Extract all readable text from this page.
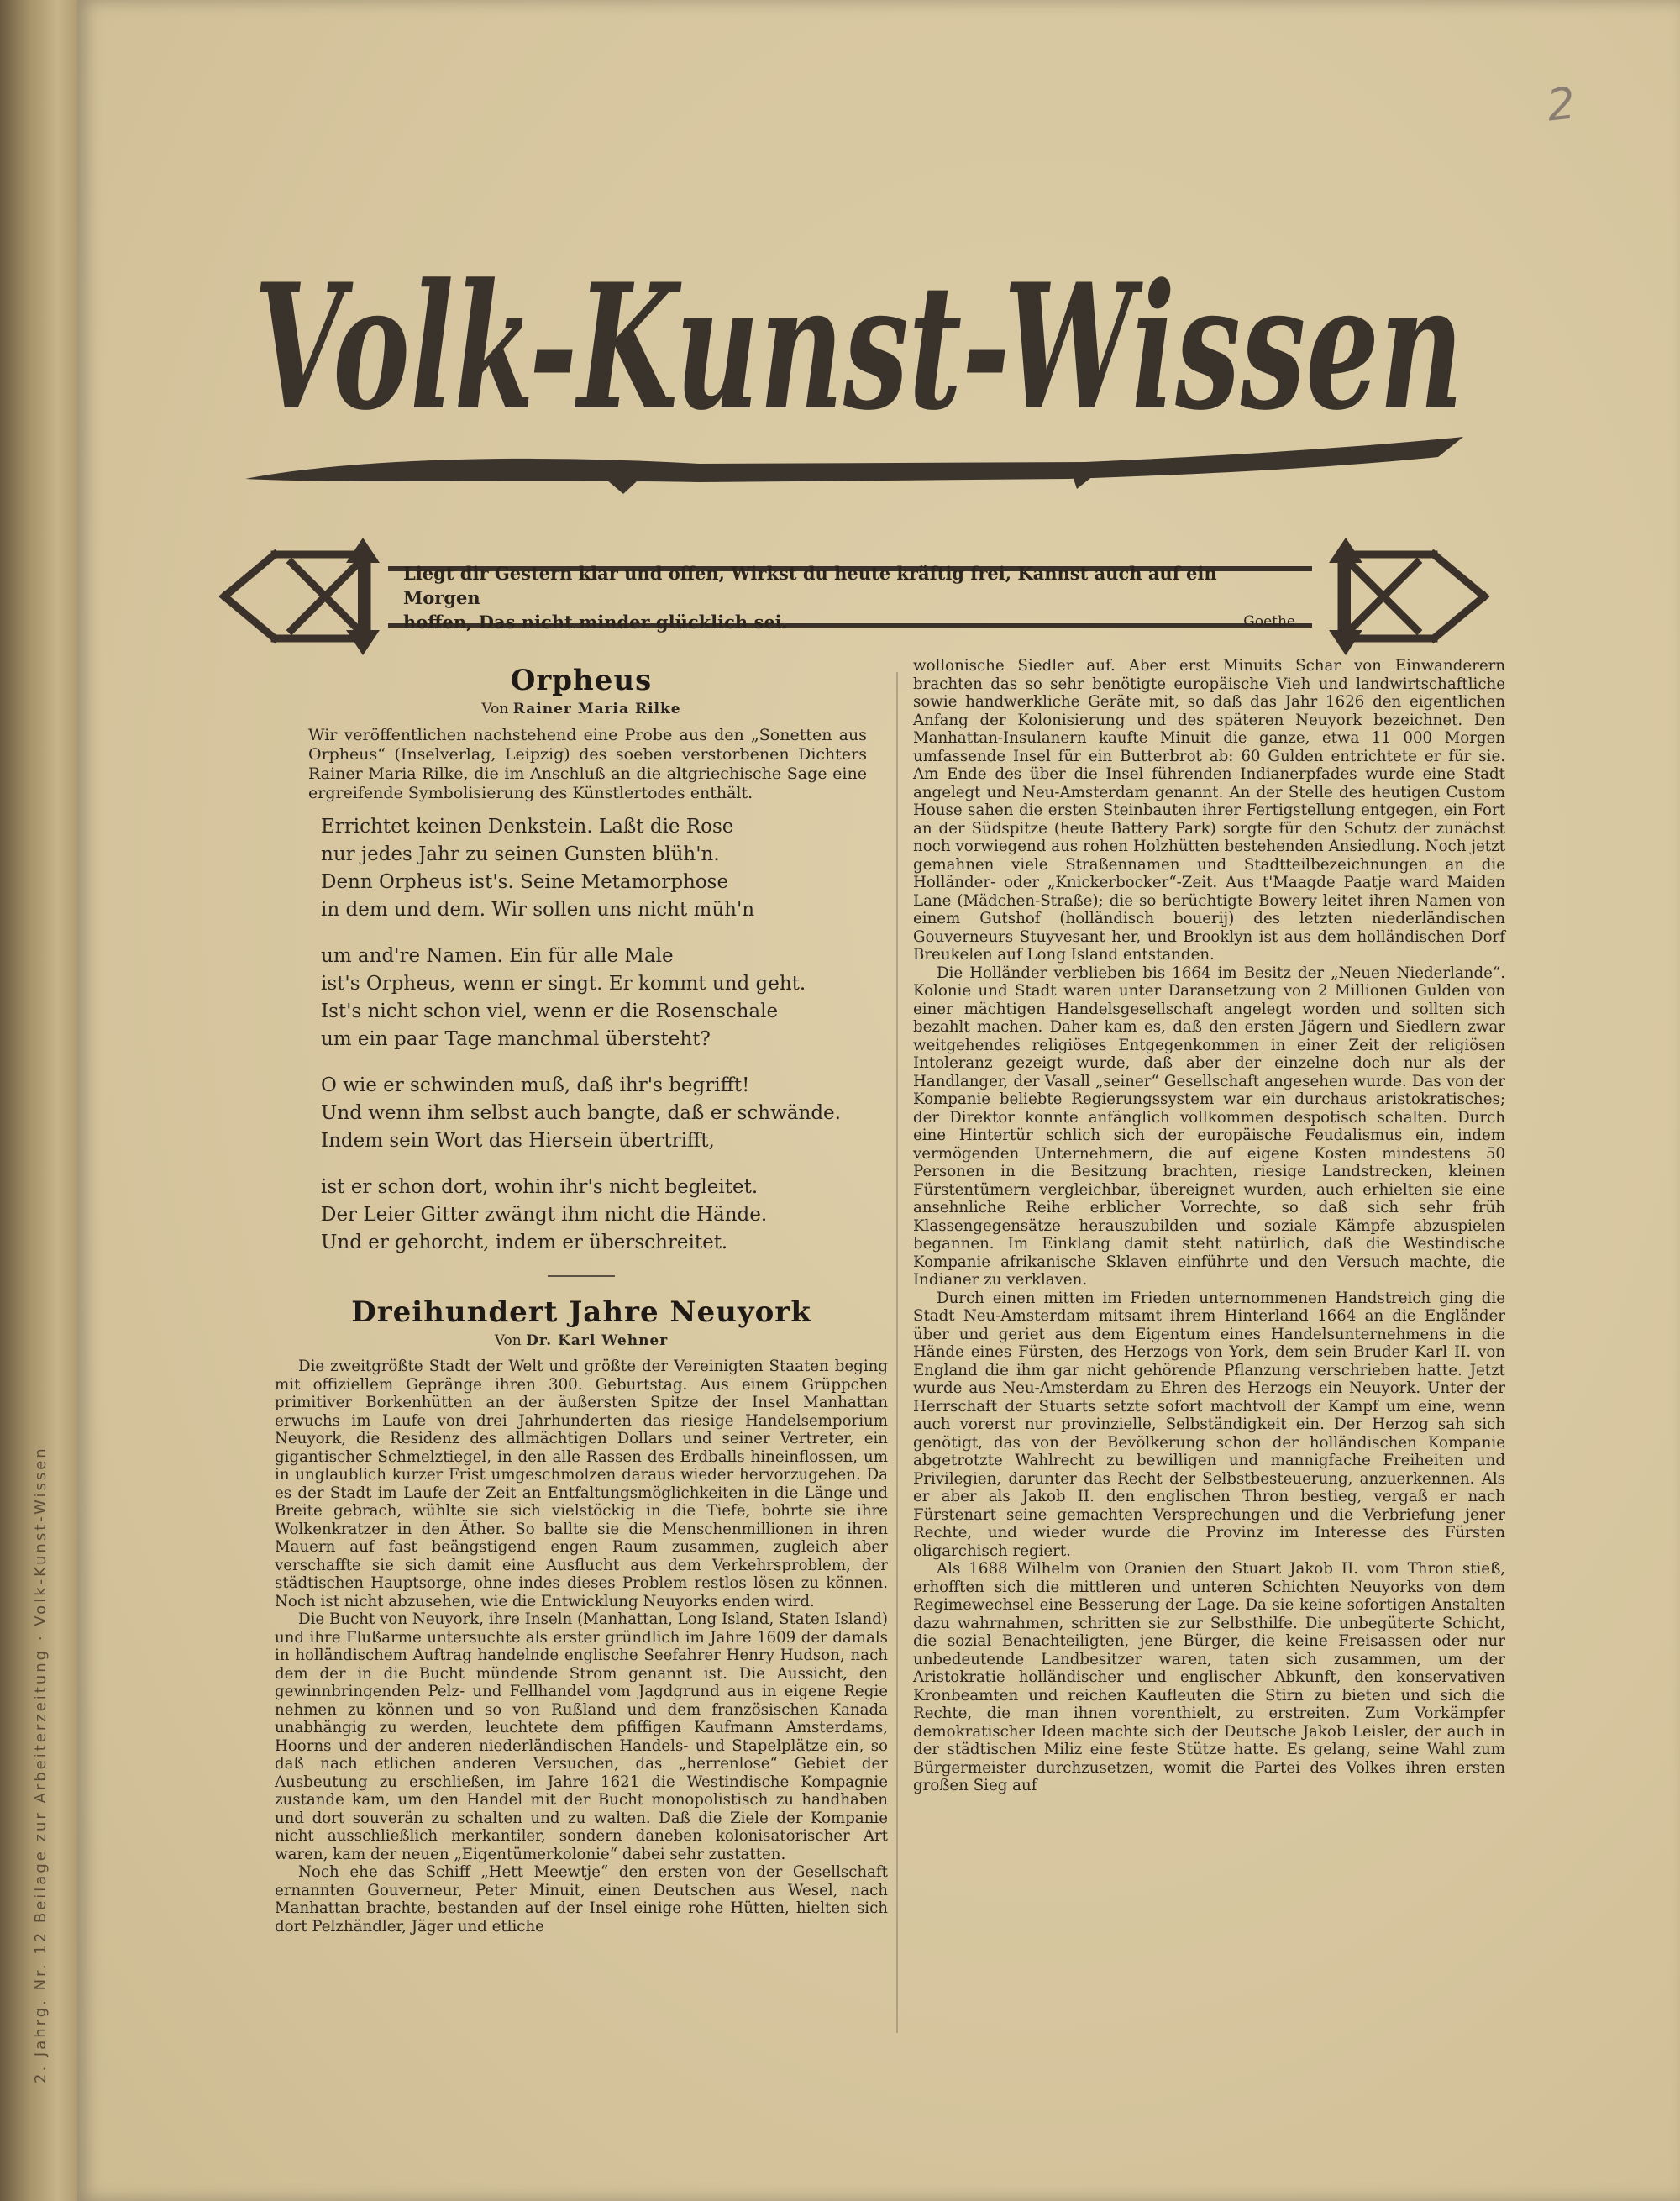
2. Jahrg. Nr. 12 Beilage zur Arbeiterzeitung · Volk-Kunst-Wissen
2
Volk-Kunst-Wissen
Liegt dir Gestern klar und offen, Wirkst du heute kräftig frei, Kannst auch auf ein Morgen
hoffen, Das nicht minder glücklich sei.	Goethe
Orpheus
Von Rainer Maria Rilke

Wir veröffentlichen nachstehend eine Probe aus den „Sonetten aus Orpheus“ (Inselverlag, Leipzig) des soeben verstorbenen Dichters Rainer Maria Rilke, die im Anschluß an die altgriechische Sage eine ergreifende Symbolisierung des Künstlertodes enthält.

Errichtet keinen Denkstein. Laßt die Rose
nur jedes Jahr zu seinen Gunsten blüh'n.
Denn Orpheus ist's. Seine Metamorphose
in dem und dem. Wir sollen uns nicht müh'n
um and're Namen. Ein für alle Male
ist's Orpheus, wenn er singt. Er kommt und geht.
Ist's nicht schon viel, wenn er die Rosenschale
um ein paar Tage manchmal übersteht?
O wie er schwinden muß, daß ihr's begrifft!
Und wenn ihm selbst auch bangte, daß er schwände.
Indem sein Wort das Hiersein übertrifft,
ist er schon dort, wohin ihr's nicht begleitet.
Der Leier Gitter zwängt ihm nicht die Hände.
Und er gehorcht, indem er überschreitet.
Dreihundert Jahre Neuyork
Von Dr. Karl Wehner

Die zweitgrößte Stadt der Welt und größte der Vereinigten Staaten beging mit offiziellem Gepränge ihren 300. Geburtstag. Aus einem Grüppchen primitiver Borkenhütten an der äußersten Spitze der Insel Manhattan erwuchs im Laufe von drei Jahrhunderten das riesige Handelsemporium Neuyork, die Residenz des allmächtigen Dollars und seiner Vertreter, ein gigantischer Schmelztiegel, in den alle Rassen des Erdballs hineinflossen, um in unglaublich kurzer Frist umgeschmolzen daraus wieder hervorzugehen. Da es der Stadt im Laufe der Zeit an Entfaltungsmöglichkeiten in die Länge und Breite gebrach, wühlte sie sich vielstöckig in die Tiefe, bohrte sie ihre Wolkenkratzer in den Äther. So ballte sie die Menschenmillionen in ihren Mauern auf fast beängstigend engen Raum zusammen, zugleich aber verschaffte sie sich damit eine Ausflucht aus dem Verkehrsproblem, der städtischen Hauptsorge, ohne indes dieses Problem restlos lösen zu können. Noch ist nicht abzusehen, wie die Entwicklung Neuyorks enden wird.

Die Bucht von Neuyork, ihre Inseln (Manhattan, Long Island, Staten Island) und ihre Flußarme untersuchte als erster gründlich im Jahre 1609 der damals in holländischem Auftrag handelnde englische Seefahrer Henry Hudson, nach dem der in die Bucht mündende Strom genannt ist. Die Aussicht, den gewinnbringenden Pelz- und Fellhandel vom Jagdgrund aus in eigene Regie nehmen zu können und so von Rußland und dem französischen Kanada unabhängig zu werden, leuchtete dem pfiffigen Kaufmann Amsterdams, Hoorns und der anderen niederländischen Handels- und Stapelplätze ein, so daß nach etlichen anderen Versuchen, das „herrenlose“ Gebiet der Ausbeutung zu erschließen, im Jahre 1621 die Westindische Kompagnie zustande kam, um den Handel mit der Bucht monopolistisch zu handhaben und dort souverän zu schalten und zu walten. Daß die Ziele der Kompanie nicht ausschließlich merkantiler, sondern daneben kolonisatorischer Art waren, kam der neuen „Eigentümerkolonie“ dabei sehr zustatten.

Noch ehe das Schiff „Hett Meewtje“ den ersten von der Gesellschaft ernannten Gouverneur, Peter Minuit, einen Deutschen aus Wesel, nach Manhattan brachte, bestanden auf der Insel einige rohe Hütten, hielten sich dort Pelzhändler, Jäger und etliche

wollonische Siedler auf. Aber erst Minuits Schar von Einwanderern brachten das so sehr benötigte europäische Vieh und landwirtschaftliche sowie handwerkliche Geräte mit, so daß das Jahr 1626 den eigentlichen Anfang der Kolonisierung und des späteren Neuyork bezeichnet. Den Manhattan-Insulanern kaufte Minuit die ganze, etwa 11 000 Morgen umfassende Insel für ein Butterbrot ab: 60 Gulden entrichtete er für sie. Am Ende des über die Insel führenden Indianerpfades wurde eine Stadt angelegt und Neu-Amsterdam genannt. An der Stelle des heutigen Custom House sahen die ersten Steinbauten ihrer Fertigstellung entgegen, ein Fort an der Südspitze (heute Battery Park) sorgte für den Schutz der zunächst noch vorwiegend aus rohen Holzhütten bestehenden Ansiedlung. Noch jetzt gemahnen viele Straßennamen und Stadtteilbezeichnungen an die Holländer- oder „Knickerbocker“-Zeit. Aus t'Maagde Paatje ward Maiden Lane (Mädchen-Straße); die so berüchtigte Bowery leitet ihren Namen von einem Gutshof (holländisch bouerij) des letzten niederländischen Gouverneurs Stuyvesant her, und Brooklyn ist aus dem holländischen Dorf Breukelen auf Long Island entstanden.

Die Holländer verblieben bis 1664 im Besitz der „Neuen Niederlande“. Kolonie und Stadt waren unter Daransetzung von 2 Millionen Gulden von einer mächtigen Handelsgesellschaft angelegt worden und sollten sich bezahlt machen. Daher kam es, daß den ersten Jägern und Siedlern zwar weitgehendes religiöses Entgegenkommen in einer Zeit der religiösen Intoleranz gezeigt wurde, daß aber der einzelne doch nur als der Handlanger, der Vasall „seiner“ Gesellschaft angesehen wurde. Das von der Kompanie beliebte Regierungssystem war ein durchaus aristokratisches; der Direktor konnte anfänglich vollkommen despotisch schalten. Durch eine Hintertür schlich sich der europäische Feudalismus ein, indem vermögenden Unternehmern, die auf eigene Kosten mindestens 50 Personen in die Besitzung brachten, riesige Landstrecken, kleinen Fürstentümern vergleichbar, übereignet wurden, auch erhielten sie eine ansehnliche Reihe erblicher Vorrechte, so daß sich sehr früh Klassengegensätze herauszubilden und soziale Kämpfe abzuspielen begannen. Im Einklang damit steht natürlich, daß die Westindische Kompanie afrikanische Sklaven einführte und den Versuch machte, die Indianer zu verklaven.

Durch einen mitten im Frieden unternommenen Handstreich ging die Stadt Neu-Amsterdam mitsamt ihrem Hinterland 1664 an die Engländer über und geriet aus dem Eigentum eines Handelsunternehmens in die Hände eines Fürsten, des Herzogs von York, dem sein Bruder Karl II. von England die ihm gar nicht gehörende Pflanzung verschrieben hatte. Jetzt wurde aus Neu-Amsterdam zu Ehren des Herzogs ein Neuyork. Unter der Herrschaft der Stuarts setzte sofort machtvoll der Kampf um eine, wenn auch vorerst nur provinzielle, Selbständigkeit ein. Der Herzog sah sich genötigt, das von der Bevölkerung schon der holländischen Kompanie abgetrotzte Wahlrecht zu bewilligen und mannigfache Freiheiten und Privilegien, darunter das Recht der Selbstbesteuerung, anzuerkennen. Als er aber als Jakob II. den englischen Thron bestieg, vergaß er nach Fürstenart seine gemachten Versprechungen und die Verbriefung jener Rechte, und wieder wurde die Provinz im Interesse des Fürsten oligarchisch regiert.

Als 1688 Wilhelm von Oranien den Stuart Jakob II. vom Thron stieß, erhofften sich die mittleren und unteren Schichten Neuyorks von dem Regimewechsel eine Besserung der Lage. Da sie keine sofortigen Anstalten dazu wahrnahmen, schritten sie zur Selbsthilfe. Die unbegüterte Schicht, die sozial Benachteiligten, jene Bürger, die keine Freisassen oder nur unbedeutende Landbesitzer waren, taten sich zusammen, um der Aristokratie holländischer und englischer Abkunft, den konservativen Kronbeamten und reichen Kaufleuten die Stirn zu bieten und sich die Rechte, die man ihnen vorenthielt, zu erstreiten. Zum Vorkämpfer demokratischer Ideen machte sich der Deutsche Jakob Leisler, der auch in der städtischen Miliz eine feste Stütze hatte. Es gelang, seine Wahl zum Bürgermeister durchzusetzen, womit die Partei des Volkes ihren ersten großen Sieg auf
